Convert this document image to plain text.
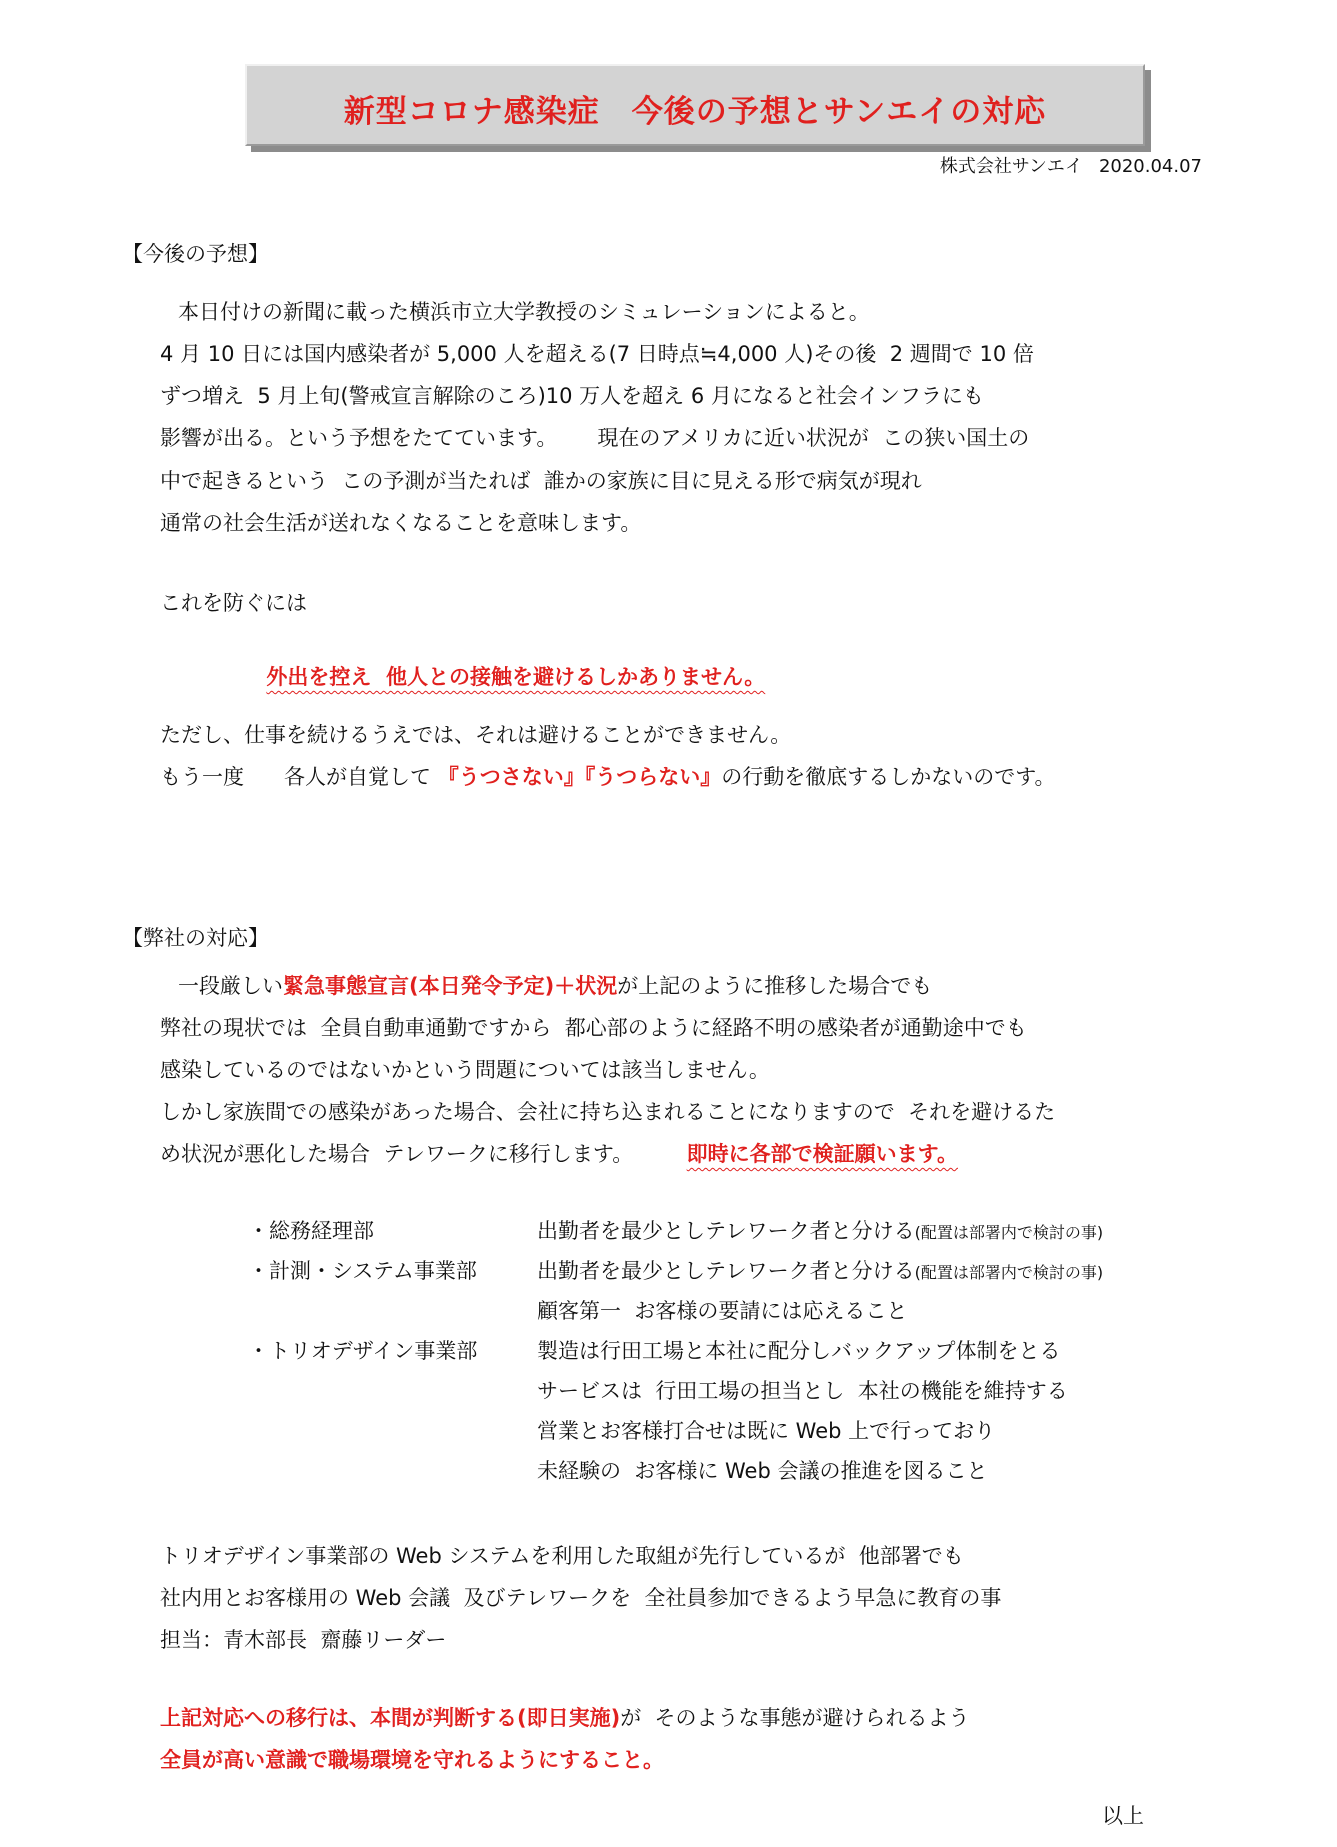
新型コロナ感染症　今後の予想とサンエイの対応
株式会社サンエイ 2020.04.07
【今後の予想】
本日付けの新聞に載った横浜市立大学教授のシミュレーションによると。
4 月 10 日には国内感染者が 5,000 人を超える(7 日時点≒4,000 人)その後  2 週間で 10 倍
ずつ増え  5 月上旬(警戒宣言解除のころ)10 万人を超え 6 月になると社会インフラにも
影響が出る。という予想をたてています。      現在のアメリカに近い状況が  この狭い国土の
中で起きるという  この予測が当たれば  誰かの家族に目に見える形で病気が現れ
通常の社会生活が送れなくなることを意味します。
これを防ぐには

外出を控え  他人との接触を避けるしかありません。

ただし、仕事を続けるうえでは、それは避けることができません。
もう一度      各人が自覚して 『うつさない』『うつらない』の行動を徹底するしかないのです。
【弊社の対応】
一段厳しい緊急事態宣言(本日発令予定)＋状況が上記のように推移した場合でも
弊社の現状では  全員自動車通勤ですから  都心部のように経路不明の感染者が通勤途中でも
感染しているのではないかという問題については該当しません。
しかし家族間での感染があった場合、会社に持ち込まれることになりますので  それを避けるた
め状況が悪化した場合  テレワークに移行します。        即時に各部で検証願います。
・総務経理部	出勤者を最少としテレワーク者と分ける(配置は部署内で検討の事)
・計測・システム事業部	出勤者を最少としテレワーク者と分ける(配置は部署内で検討の事)
顧客第一  お客様の要請には応えること
・トリオデザイン事業部	製造は行田工場と本社に配分しバックアップ体制をとる
サービスは  行田工場の担当とし  本社の機能を維持する
営業とお客様打合せは既に Web 上で行っており
未経験の  お客様に Web 会議の推進を図ること
トリオデザイン事業部の Web システムを利用した取組が先行しているが  他部署でも
社内用とお客様用の Web 会議  及びテレワークを  全社員参加できるよう早急に教育の事
担当：青木部長  齋藤リーダー
上記対応への移行は、本間が判断する(即日実施)が  そのような事態が避けられるよう
全員が高い意識で職場環境を守れるようにすること。
以上
